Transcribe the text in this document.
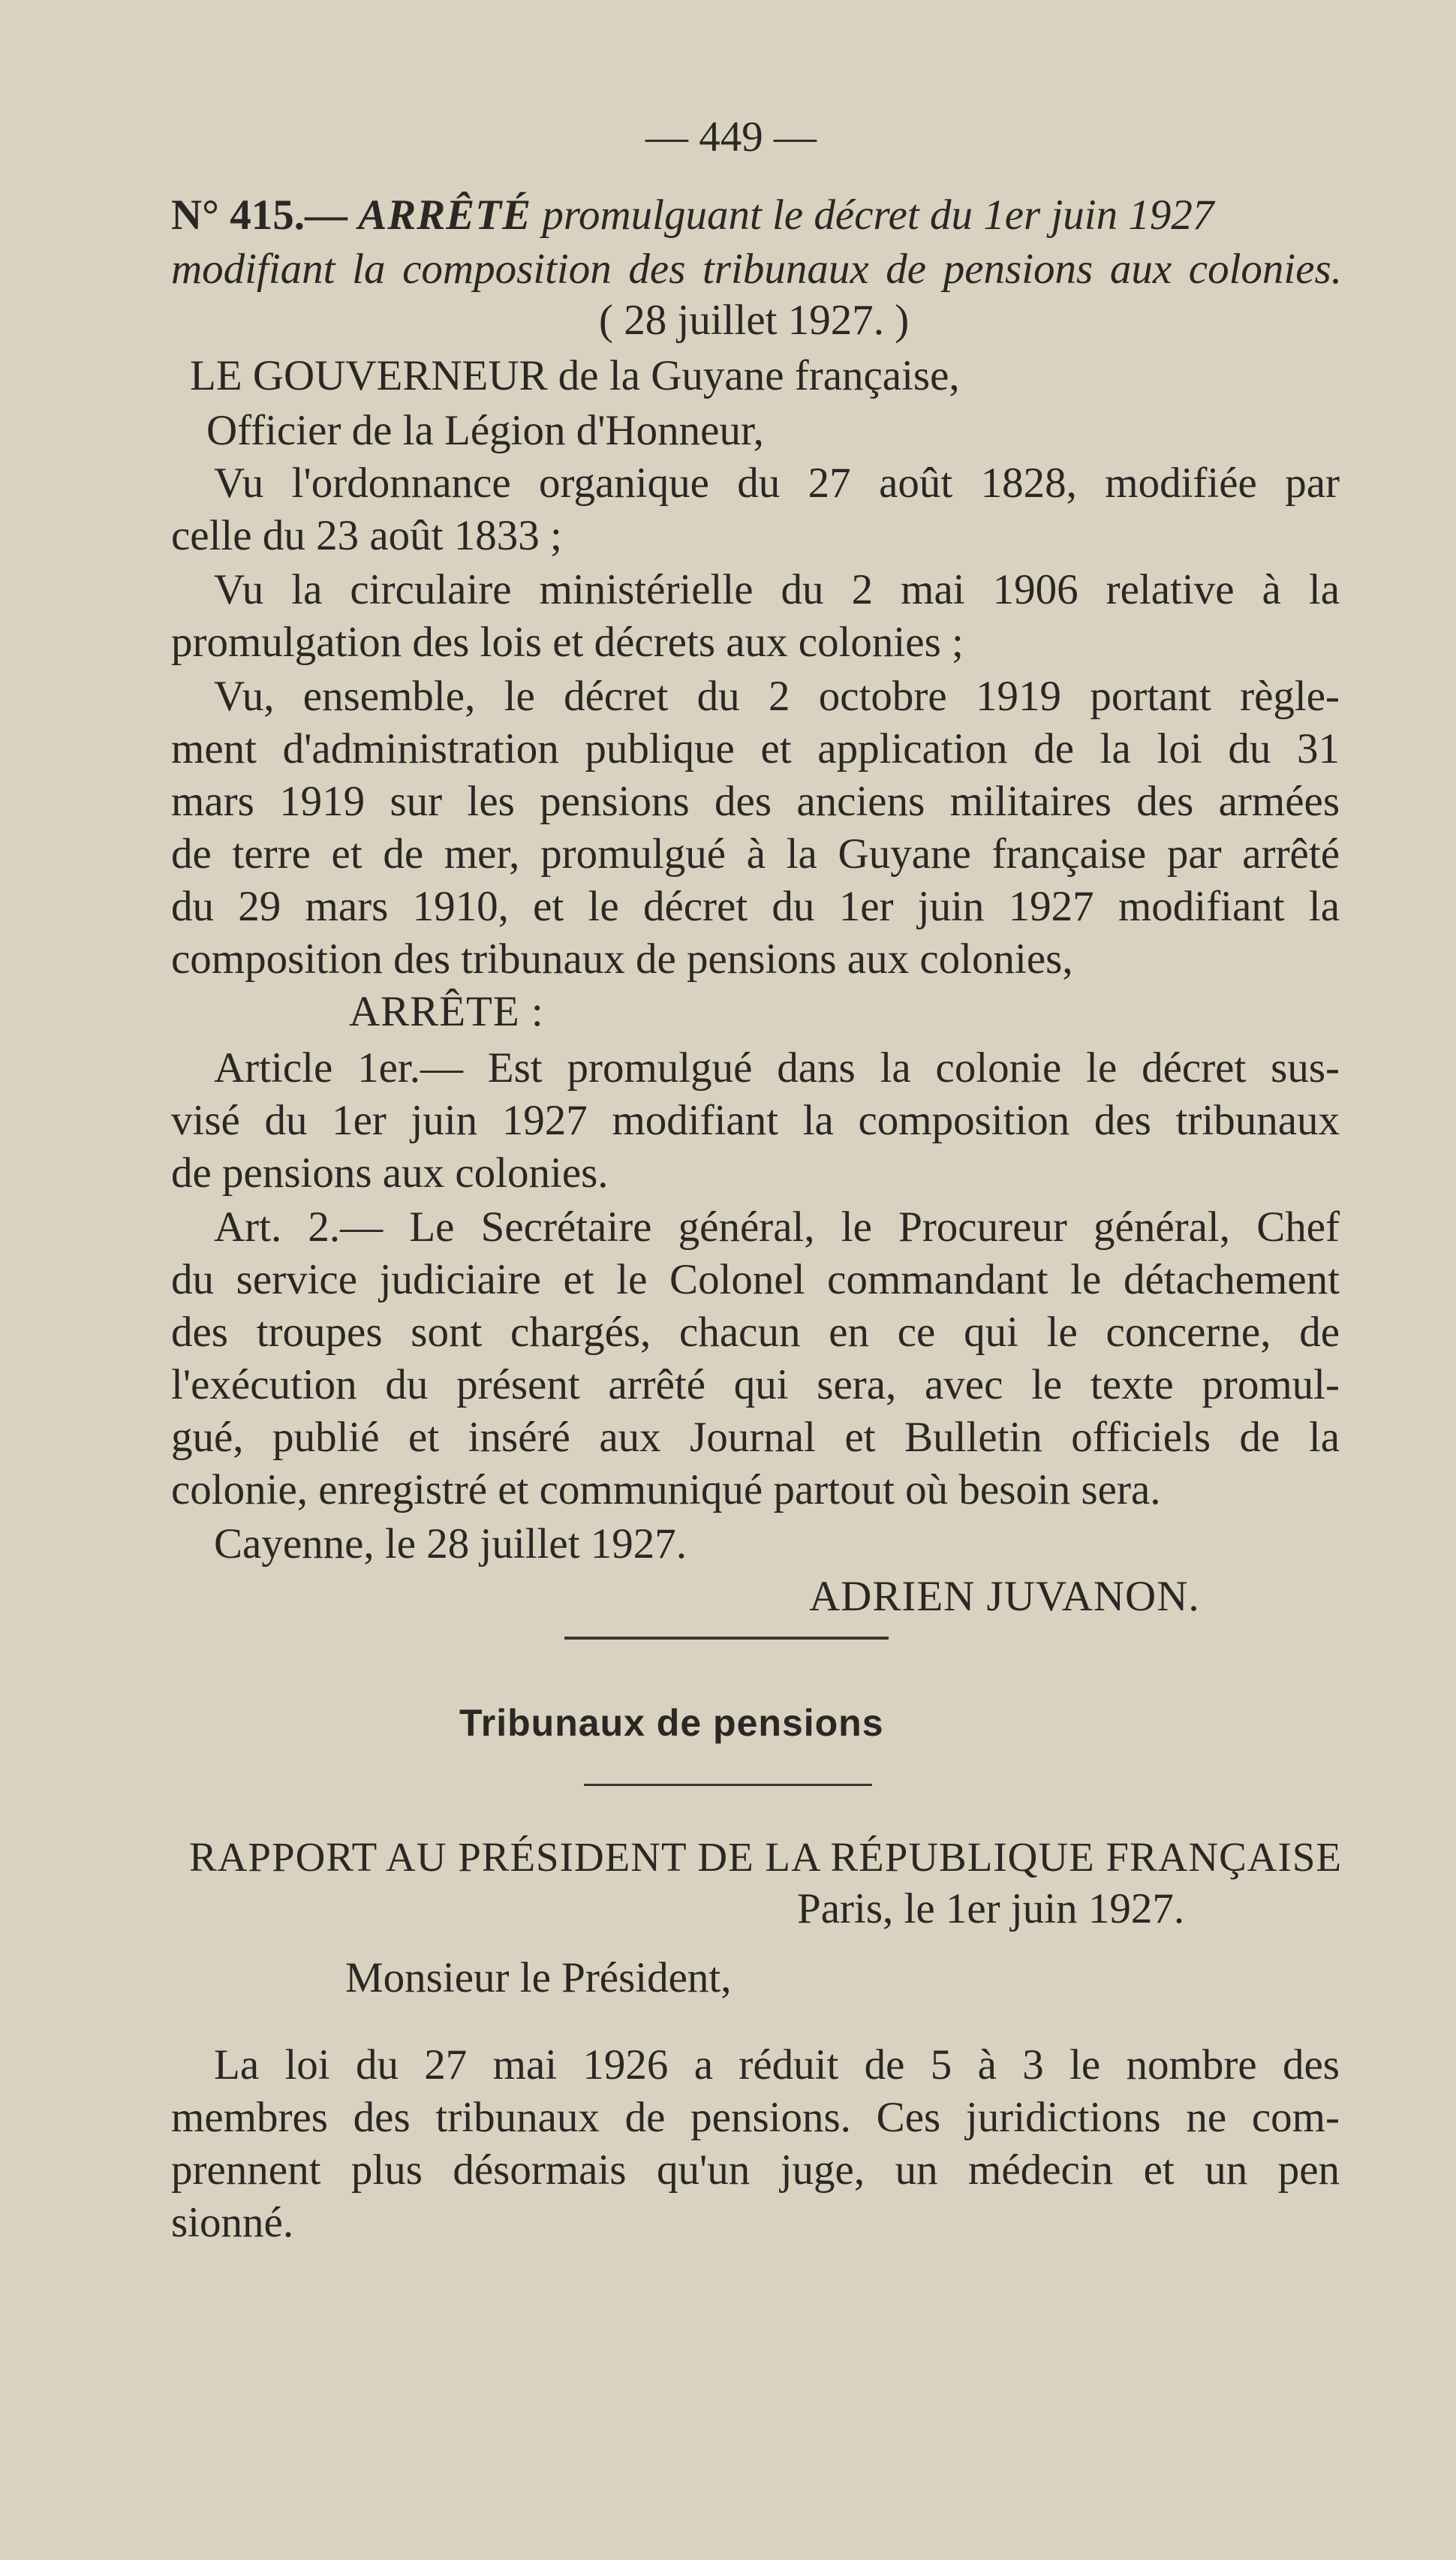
— 449 —
N° 415.— ARRÊTÉ promulguant le décret du 1er juin 1927
modifiant la composition des tribunaux de pensions aux colonies.
( 28 juillet 1927. )
LE GOUVERNEUR de la Guyane française,
Officier de la Légion d'Honneur,
Vu l'ordonnance organique du 27 août 1828, modifiée par
celle du 23 août 1833 ;
Vu la circulaire ministérielle du 2 mai 1906 relative à la
promulgation des lois et décrets aux colonies ;
Vu, ensemble, le décret du 2 octobre 1919 portant règle-
ment d'administration publique et application de la loi du 31
mars 1919 sur les pensions des anciens militaires des armées
de terre et de mer, promulgué à la Guyane française par arrêté
du 29 mars 1910, et le décret du 1er juin 1927 modifiant la
composition des tribunaux de pensions aux colonies,
ARRÊTE :
Article 1er.— Est promulgué dans la colonie le décret sus-
visé du 1er juin 1927 modifiant la composition des tribunaux
de pensions aux colonies.
Art. 2.— Le Secrétaire général, le Procureur général, Chef
du service judiciaire et le Colonel commandant le détachement
des troupes sont chargés, chacun en ce qui le concerne, de
l'exécution du présent arrêté qui sera, avec le texte promul-
gué, publié et inséré aux Journal et Bulletin officiels de la
colonie, enregistré et communiqué partout où besoin sera.
Cayenne, le 28 juillet 1927.
ADRIEN JUVANON.
Tribunaux de pensions
RAPPORT AU PRÉSIDENT DE LA RÉPUBLIQUE FRANÇAISE
Paris, le 1er juin 1927.
Monsieur le Président,
La loi du 27 mai 1926 a réduit de 5 à 3 le nombre des
membres des tribunaux de pensions. Ces juridictions ne com-
prennent plus désormais qu'un juge, un médecin et un pen
sionné.
